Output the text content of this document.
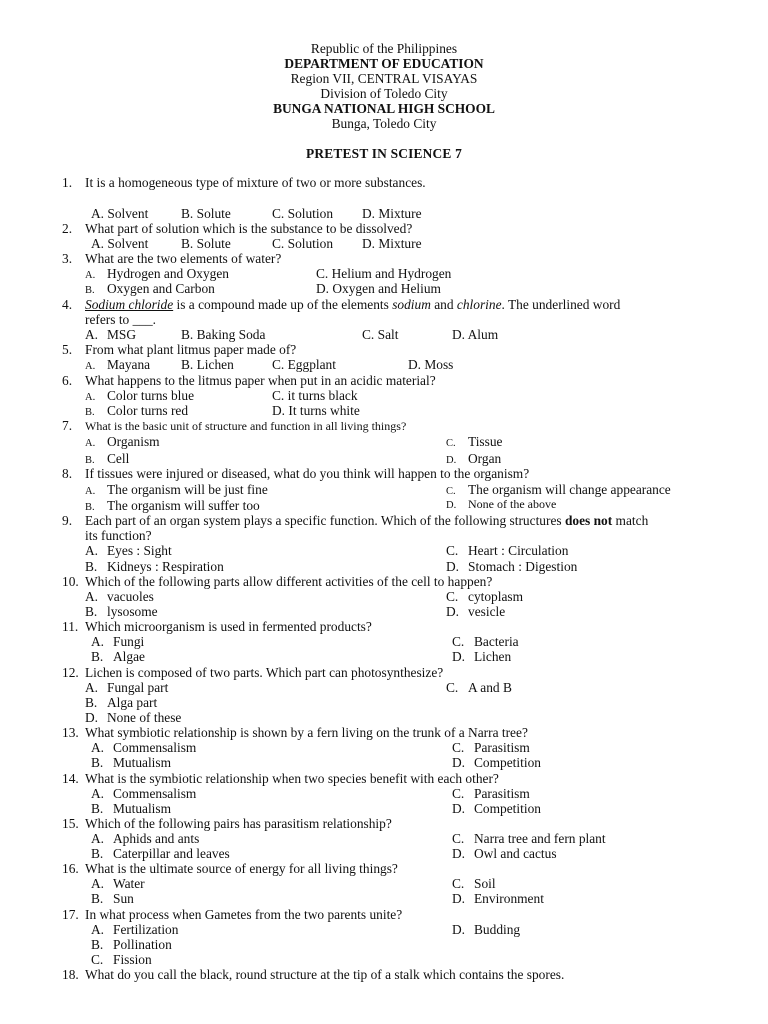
Republic of the Philippines
DEPARTMENT OF EDUCATION
Region VII, CENTRAL VISAYAS
Division of Toledo City
BUNGA NATIONAL HIGH SCHOOL
Bunga, Toledo City
PRETEST IN SCIENCE 7
1. It is a homogeneous type of mixture of two or more substances.
A. Solvent B. Solute	C. Solution D. Mixture
2. What part of solution which is the substance to be dissolved?
A. Solvent B. Solute	C. Solution D. Mixture
3. What are the two elements of water?
A. Hydrogen and Oxygen
B. Oxygen and Carbon
C. Helium and Hydrogen
D. Oxygen and Helium
4. Sodium chloride is a compound made up of the elements sodium and chlorine. The underlined word
refers to ___.
A. MSG	B. Baking Soda	C. Salt	D. Alum
5. From what plant litmus paper made of?
A. Mayana B. Lichen	C. Eggplant	D. Moss
6. What happens to the litmus paper when put in an acidic material?
A. Color turns blue
B. Color turns red
C. it turns black
D. It turns white
7. What is the basic unit of structure and function in all living things?
A. Organism
B. Cell
C. Tissue
D. Organ
8. If tissues were injured or diseased, what do you think will happen to the organism?
A. The organism will be just fine
B. The organism will suffer too
C. The organism will change appearance
D. None of the above
9. Each part of an organ system plays a specific function. Which of the following structures does not match
its function?
A. Eyes : Sight
B. Kidneys : Respiration
C. Heart : Circulation
D. Stomach : Digestion
10. Which of the following parts allow different activities of the cell to happen?
A. vacuoles
B. lysosome
C. cytoplasm
D. vesicle
11. Which microorganism is used in fermented products?
A. Fungi
B. Algae
C. Bacteria
D. Lichen
12. Lichen is composed of two parts. Which part can photosynthesize?
A. Fungal part
B. Alga part
D. None of these
C. A and B
13. What symbiotic relationship is shown by a fern living on the trunk of a Narra tree?
A. Commensalism
B. Mutualism
C. Parasitism
D. Competition
14. What is the symbiotic relationship when two species benefit with each other?
A. Commensalism
B. Mutualism
C. Parasitism
D. Competition
15. Which of the following pairs has parasitism relationship?
A. Aphids and ants
B. Caterpillar and leaves
C. Narra tree and fern plant
D. Owl and cactus
16. What is the ultimate source of energy for all living things?
A. Water
B. Sun
C. Soil
D. Environment
17. In what process when Gametes from the two parents unite?
A. Fertilization
B. Pollination
C. Fission
D. Budding
18. What do you call the black, round structure at the tip of a stalk which contains the spores.
